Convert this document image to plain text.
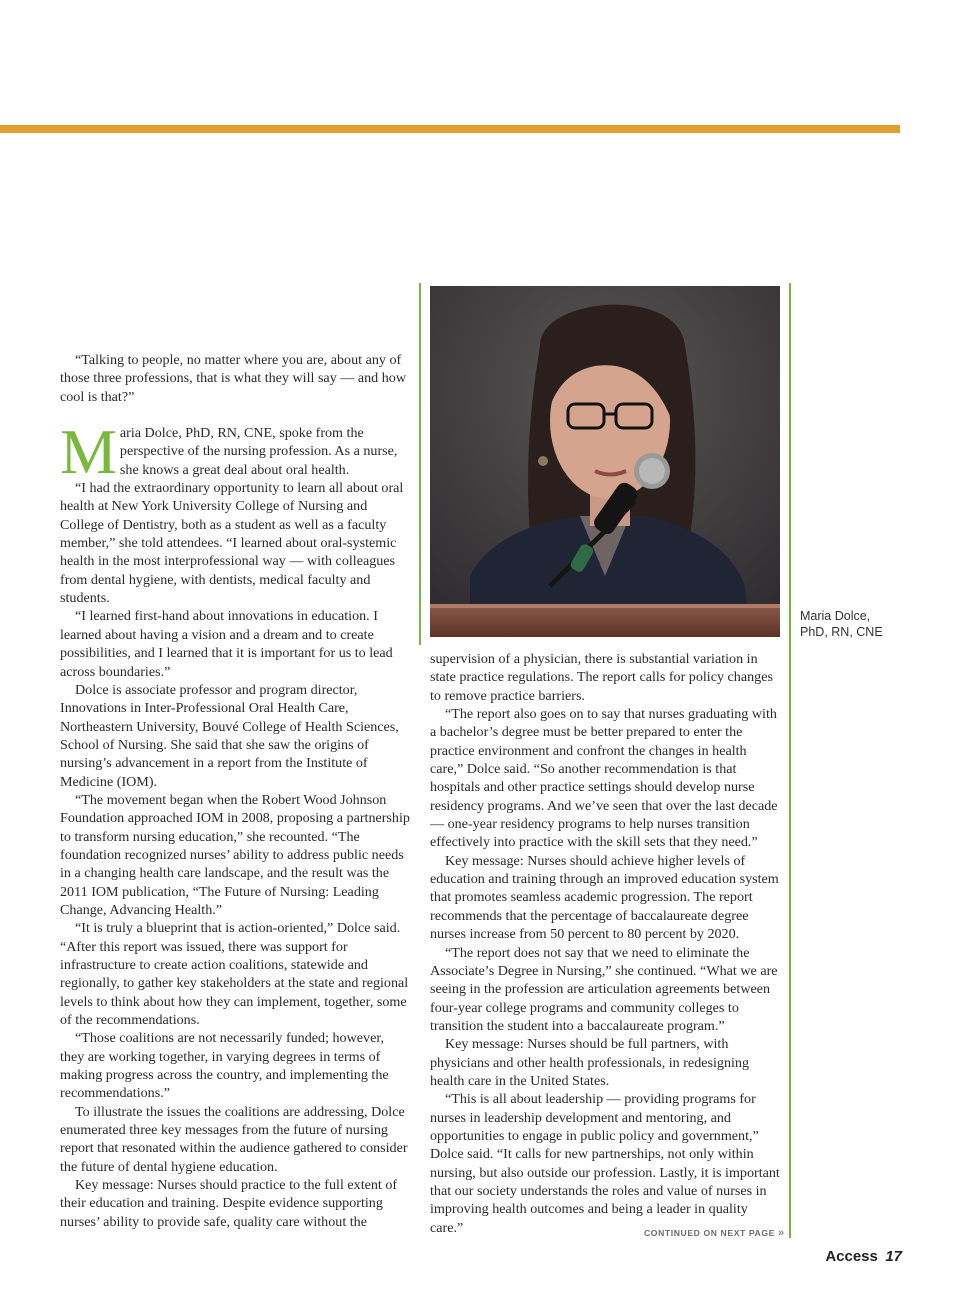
“Talking to people, no matter where you are, about any of those three professions, that is what they will say — and how cool is that?”

Maria Dolce, PhD, RN, CNE, spoke from the perspective of the nursing profession. As a nurse, she knows a great deal about oral health.

“I had the extraordinary opportunity to learn all about oral health at New York University College of Nursing and College of Dentistry, both as a student as well as a faculty member,” she told attendees. “I learned about oral-systemic health in the most interprofessional way — with colleagues from dental hygiene, with dentists, medical faculty and students.

“I learned first-hand about innovations in education. I learned about having a vision and a dream and to create possibilities, and I learned that it is important for us to lead across boundaries.”

Dolce is associate professor and program director, Innovations in Inter-Professional Oral Health Care, Northeastern University, Bouvé College of Health Sciences, School of Nursing. She said that she saw the origins of nursing’s advancement in a report from the Institute of Medicine (IOM).

“The movement began when the Robert Wood Johnson Foundation approached IOM in 2008, proposing a partnership to transform nursing education,” she recounted. “The foundation recognized nurses’ ability to address public needs in a changing health care landscape, and the result was the 2011 IOM publication, “The Future of Nursing: Leading Change, Advancing Health.”

“It is truly a blueprint that is action-oriented,” Dolce said. “After this report was issued, there was support for infrastructure to create action coalitions, statewide and regionally, to gather key stakeholders at the state and regional levels to think about how they can implement, together, some of the recommendations.

“Those coalitions are not necessarily funded; however, they are working together, in varying degrees in terms of making progress across the country, and implementing the recommendations.”

To illustrate the issues the coalitions are addressing, Dolce enumerated three key messages from the future of nursing report that resonated within the audience gathered to consider the future of dental hygiene education.

Key message: Nurses should practice to the full extent of their education and training. Despite evidence supporting nurses’ ability to provide safe, quality care without the

Maria Dolce,
PhD, RN, CNE

supervision of a physician, there is substantial variation in state practice regulations. The report calls for policy changes to remove practice barriers.

“The report also goes on to say that nurses graduating with a bachelor’s degree must be better prepared to enter the practice environment and confront the changes in health care,” Dolce said. “So another recommendation is that hospitals and other practice settings should develop nurse residency programs. And we’ve seen that over the last decade — one-year residency programs to help nurses transition effectively into practice with the skill sets that they need.”

Key message: Nurses should achieve higher levels of education and training through an improved education system that promotes seamless academic progression. The report recommends that the percentage of baccalaureate degree nurses increase from 50 percent to 80 percent by 2020.

“The report does not say that we need to eliminate the Associate’s Degree in Nursing,” she continued. “What we are seeing in the profession are articulation agreements between four-year college programs and community colleges to transition the student into a baccalaureate program.”

Key message: Nurses should be full partners, with physicians and other health professionals, in redesigning health care in the United States.

“This is all about leadership — providing programs for nurses in leadership development and mentoring, and opportunities to engage in public policy and government,” Dolce said. “It calls for new partnerships, not only within nursing, but also outside our profession. Lastly, it is important that our society understands the roles and value of nurses in improving health outcomes and being a leader in quality care.”	CONTINUED ON NEXT PAGE »
Access 17
